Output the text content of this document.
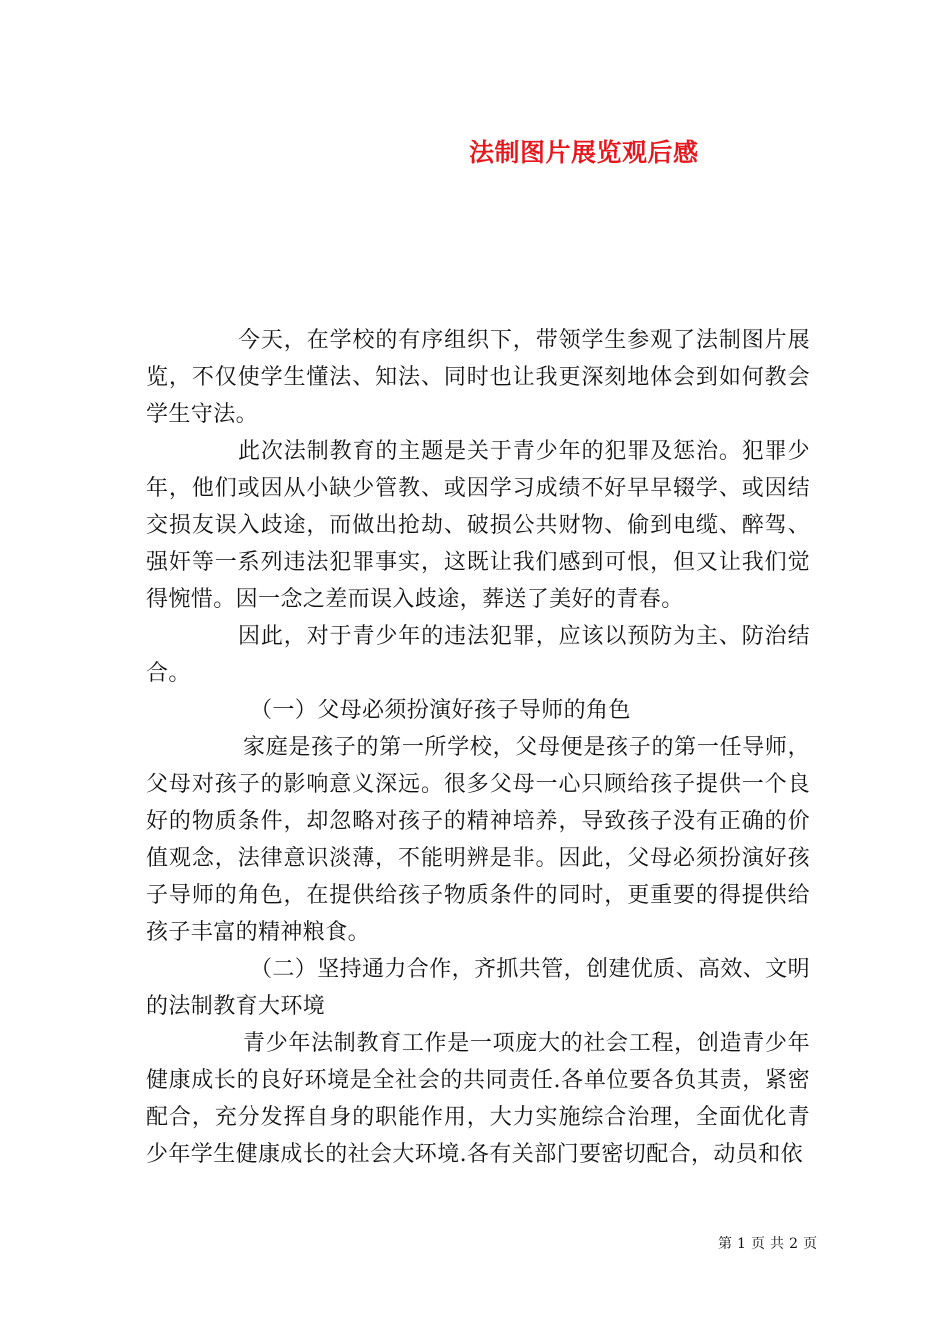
法制图片展览观后感

今天，在学校的有序组织下，带领学生参观了法制图片展览，不仅使学生懂法、知法、同时也让我更深刻地体会到如何教会学生守法。

此次法制教育的主题是关于青少年的犯罪及惩治。犯罪少年，他们或因从小缺少管教、或因学习成绩不好早早辍学、或因结交损友误入歧途，而做出抢劫、破损公共财物、偷到电缆、醉驾、强奸等一系列违法犯罪事实，这既让我们感到可恨，但又让我们觉得惋惜。因一念之差而误入歧途，葬送了美好的青春。

因此，对于青少年的违法犯罪，应该以预防为主、防治结合。

（一）父母必须扮演好孩子导师的角色

家庭是孩子的第一所学校，父母便是孩子的第一任导师，父母对孩子的影响意义深远。很多父母一心只顾给孩子提供一个良好的物质条件，却忽略对孩子的精神培养，导致孩子没有正确的价值观念，法律意识淡薄，不能明辨是非。因此，父母必须扮演好孩子导师的角色，在提供给孩子物质条件的同时，更重要的得提供给孩子丰富的精神粮食。

（二）坚持通力合作，齐抓共管，创建优质、高效、文明的法制教育大环境

青少年法制教育工作是一项庞大的社会工程，创造青少年健康成长的良好环境是全社会的共同责任.各单位要各负其责，紧密配合，充分发挥自身的职能作用，大力实施综合治理，全面优化青少年学生健康成长的社会大环境.各有关部门要密切配合，动员和依

第 1 页 共 2 页
